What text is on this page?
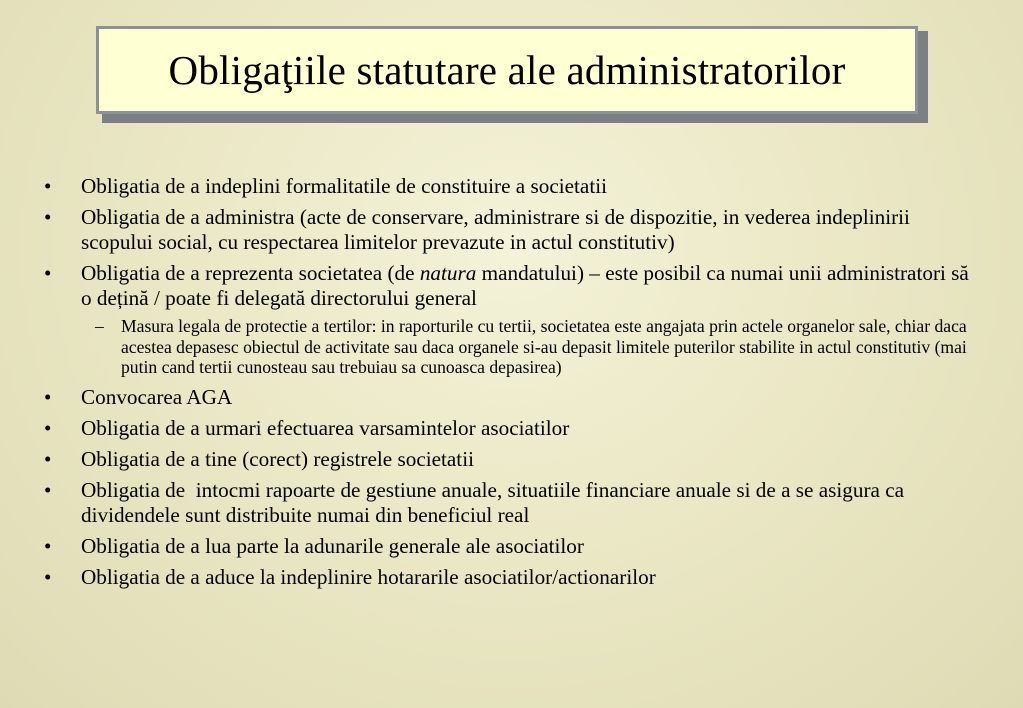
Obligaţiile statutare ale administratorilor
•	Obligatia de a indeplini formalitatile de constituire a societatii
•	Obligatia de a administra (acte de conservare, administrare si de dispozitie, in vederea indeplinirii scopului social, cu respectarea limitelor prevazute in actul constitutiv)
•	Obligatia de a reprezenta societatea (de natura mandatului) – este posibil ca numai unii administratori să o dețină / poate fi delegată directorului general
– Masura legala de protectie a tertilor: in raporturile cu tertii, societatea este angajata prin actele organelor sale, chiar daca acestea depasesc obiectul de activitate sau daca organele si-au depasit limitele puterilor stabilite in actul constitutiv (mai putin cand tertii cunosteau sau trebuiau sa cunoasca depasirea)
•	Convocarea AGA
•	Obligatia de a urmari efectuarea varsamintelor asociatilor
•	Obligatia de a tine (corect) registrele societatii
•	Obligatia de  intocmi rapoarte de gestiune anuale, situatiile financiare anuale si de a se asigura ca dividendele sunt distribuite numai din beneficiul real
•	Obligatia de a lua parte la adunarile generale ale asociatilor
•	Obligatia de a aduce la indeplinire hotararile asociatilor/actionarilor
